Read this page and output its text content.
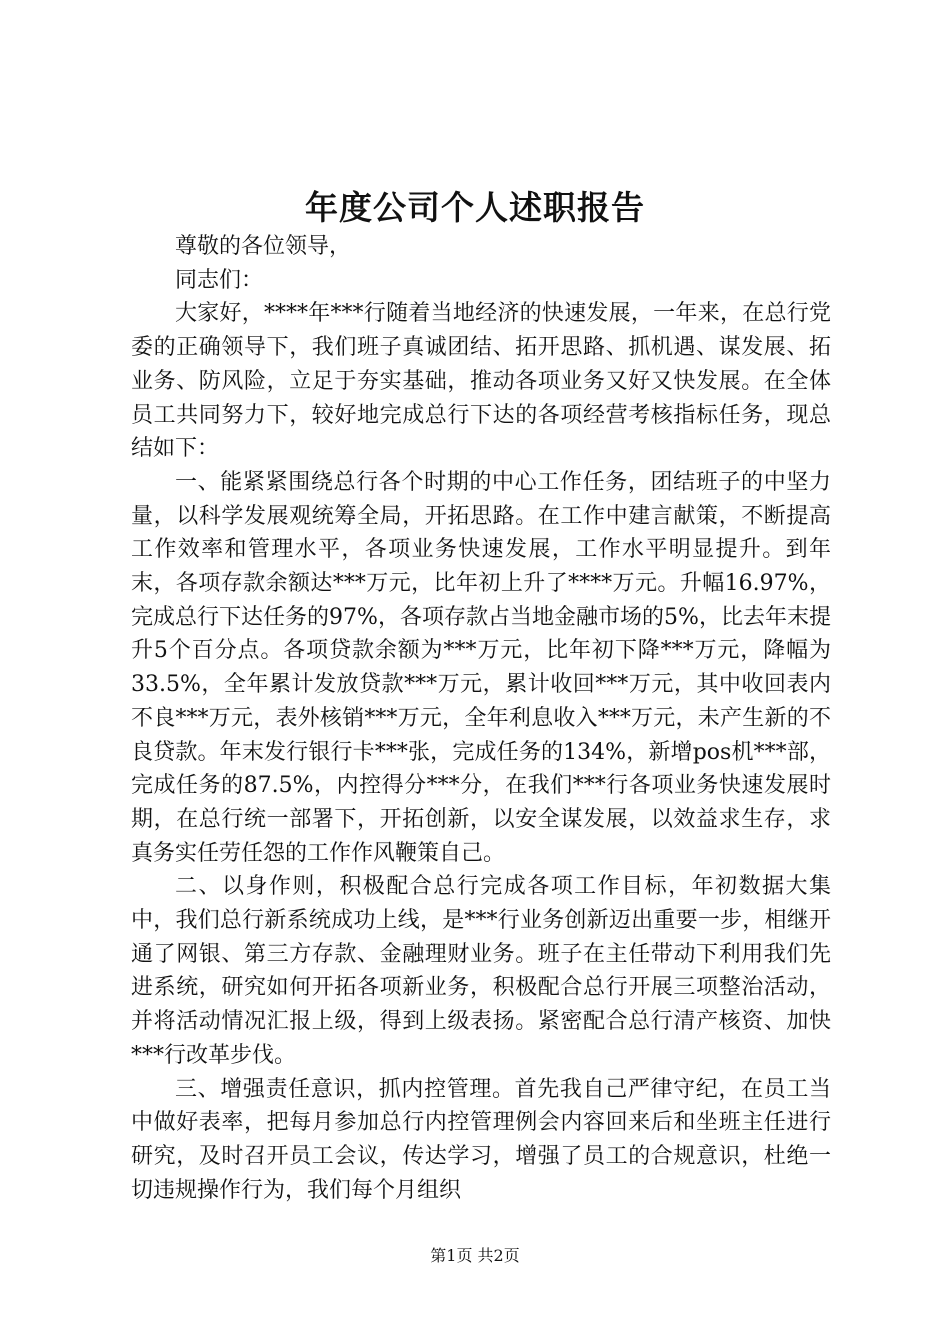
年度公司个人述职报告

尊敬的各位领导，

同志们：

大家好，****年***行随着当地经济的快速发展，一年来，在总行党委的正确领导下，我们班子真诚团结、拓开思路、抓机遇、谋发展、拓业务、防风险，立足于夯实基础，推动各项业务又好又快发展。在全体员工共同努力下，较好地完成总行下达的各项经营考核指标任务，现总结如下：

一、能紧紧围绕总行各个时期的中心工作任务，团结班子的中坚力量，以科学发展观统筹全局，开拓思路。在工作中建言献策，不断提高工作效率和管理水平，各项业务快速发展，工作水平明显提升。到年末，各项存款余额达***万元，比年初上升了****万元。升幅16.97%，完成总行下达任务的97%，各项存款占当地金融市场的5%，比去年末提升5个百分点。各项贷款余额为***万元，比年初下降***万元，降幅为33.5%，全年累计发放贷款***万元，累计收回***万元，其中收回表内不良***万元，表外核销***万元，全年利息收入***万元，未产生新的不良贷款。年末发行银行卡***张，完成任务的134%，新增pos机***部，完成任务的87.5%，内控得分***分，在我们***行各项业务快速发展时期，在总行统一部署下，开拓创新，以安全谋发展，以效益求生存，求真务实任劳任怨的工作作风鞭策自己。

二、以身作则，积极配合总行完成各项工作目标，年初数据大集中，我们总行新系统成功上线，是***行业务创新迈出重要一步，相继开通了网银、第三方存款、金融理财业务。班子在主任带动下利用我们先进系统，研究如何开拓各项新业务，积极配合总行开展三项整治活动，并将活动情况汇报上级，得到上级表扬。紧密配合总行清产核资、加快***行改革步伐。

三、增强责任意识，抓内控管理。首先我自己严律守纪，在员工当中做好表率，把每月参加总行内控管理例会内容回来后和坐班主任进行研究，及时召开员工会议，传达学习，增强了员工的合规意识，杜绝一切违规操作行为，我们每个月组织

第1页 共2页
